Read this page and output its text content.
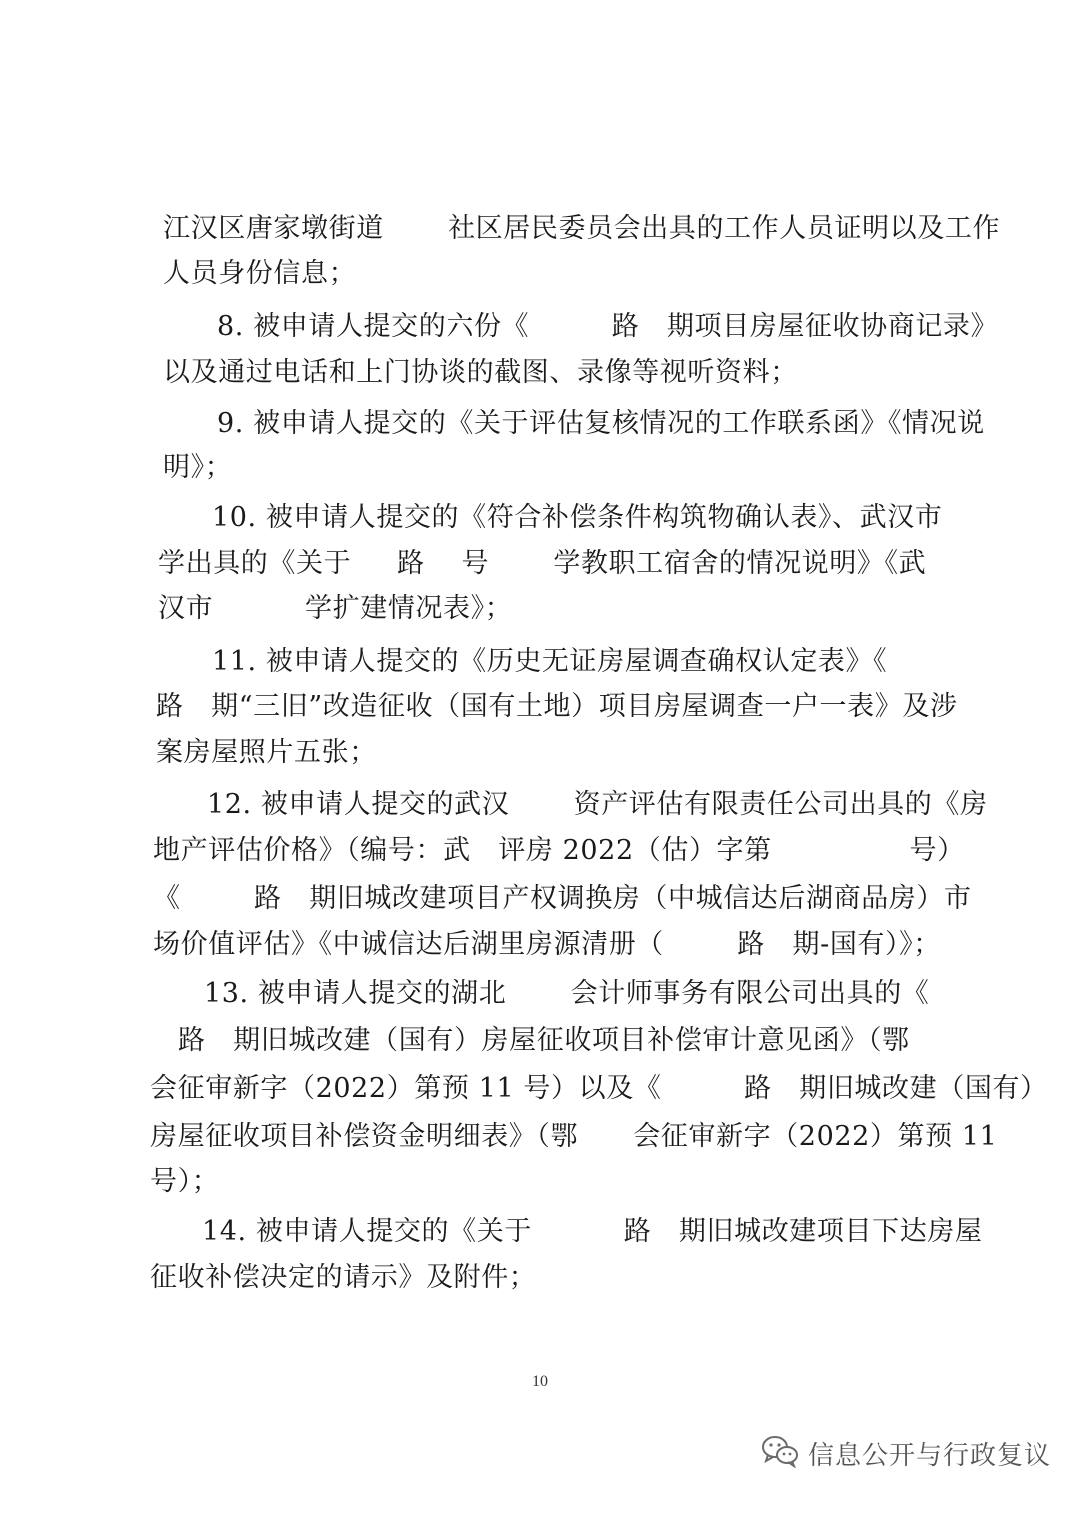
江汉区唐家墩街道       社区居民委员会出具的工作人员证明以及工作
人员身份信息；
8. 被申请人提交的六份《         路   期项目房屋征收协商记录》
以及通过电话和上门协谈的截图、录像等视听资料；
9. 被申请人提交的《关于评估复核情况的工作联系函》《情况说
明》；
10. 被申请人提交的《符合补偿条件构筑物确认表》、武汉市
学出具的《关于     路    号       学教职工宿舍的情况说明》《武
汉市          学扩建情况表》；
11. 被申请人提交的《历史无证房屋调查确权认定表》《
路   期“三旧”改造征收（国有土地）项目房屋调查一户一表》及涉
案房屋照片五张；
12. 被申请人提交的武汉       资产评估有限责任公司出具的《房
地产评估价格》（编号：武   评房 2022（估）字第               号）
《        路   期旧城改建项目产权调换房（中城信达后湖商品房）市
场价值评估》《中诚信达后湖里房源清册（        路   期-国有）》；
13. 被申请人提交的湖北       会计师事务有限公司出具的《
路   期旧城改建（国有）房屋征收项目补偿审计意见函》（鄂
会征审新字（2022）第预 11 号）以及《         路   期旧城改建（国有）
房屋征收项目补偿资金明细表》（鄂      会征审新字（2022）第预 11
号）；
14. 被申请人提交的《关于          路   期旧城改建项目下达房屋
征收补偿决定的请示》及附件；
10
信息公开与行政复议
